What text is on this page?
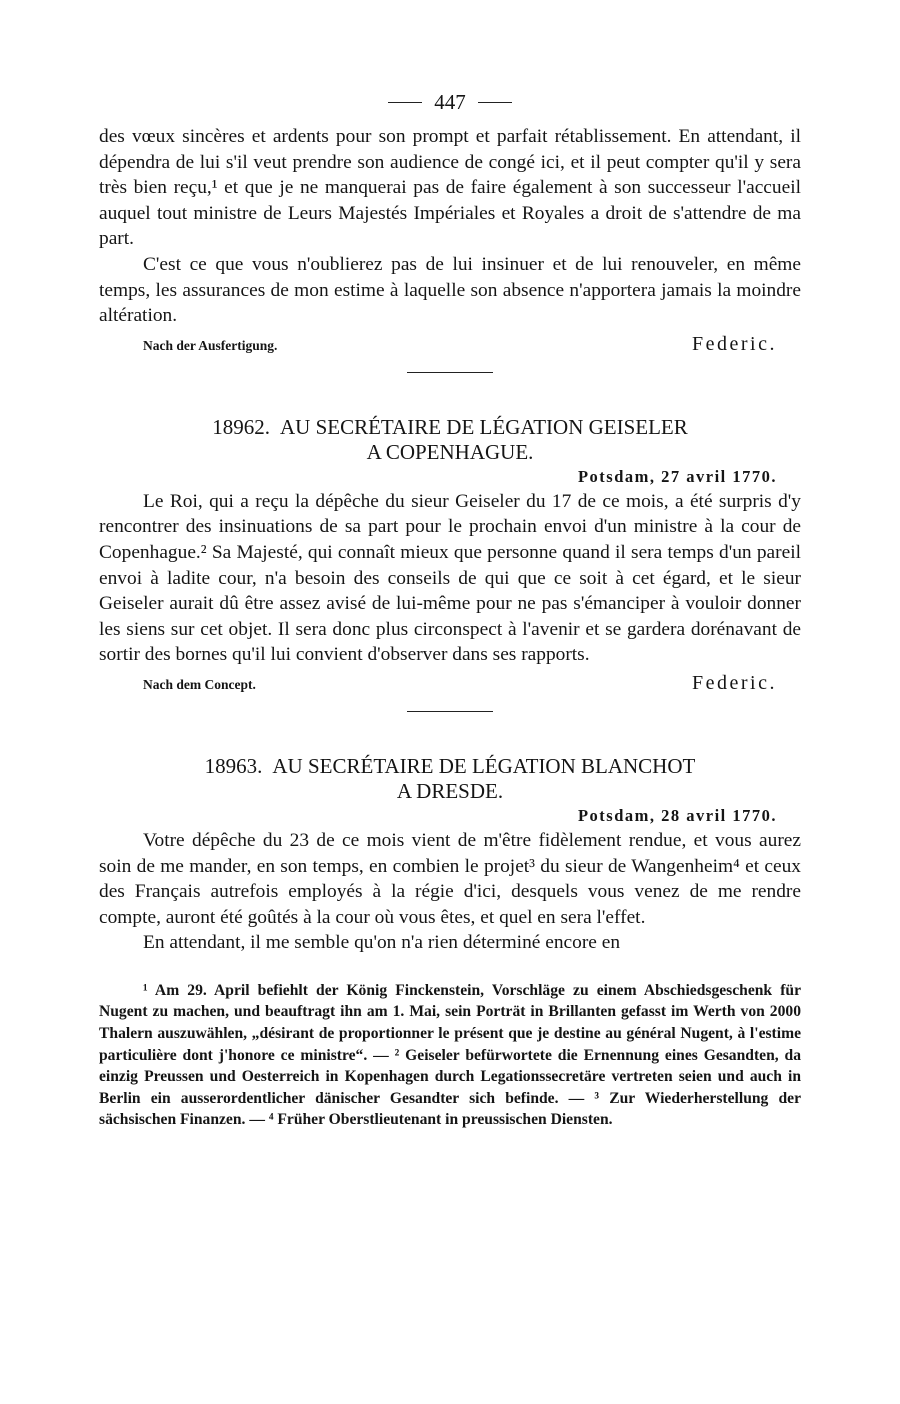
447

des vœux sincères et ardents pour son prompt et parfait rétablissement. En attendant, il dépendra de lui s'il veut prendre son audience de congé ici, et il peut compter qu'il y sera très bien reçu,¹ et que je ne manquerai pas de faire également à son successeur l'accueil auquel tout ministre de Leurs Majestés Impériales et Royales a droit de s'attendre de ma part.

C'est ce que vous n'oublierez pas de lui insinuer et de lui renouveler, en même temps, les assurances de mon estime à laquelle son absence n'apportera jamais la moindre altération.

Nach der Ausfertigung.	Federic.
18962. AU SECRÉTAIRE DE LÉGATION GEISELER
A COPENHAGUE.
Potsdam, 27 avril 1770.

Le Roi, qui a reçu la dépêche du sieur Geiseler du 17 de ce mois, a été surpris d'y rencontrer des insinuations de sa part pour le prochain envoi d'un ministre à la cour de Copenhague.² Sa Majesté, qui connaît mieux que personne quand il sera temps d'un pareil envoi à ladite cour, n'a besoin des conseils de qui que ce soit à cet égard, et le sieur Geiseler aurait dû être assez avisé de lui-même pour ne pas s'émanciper à vouloir donner les siens sur cet objet. Il sera donc plus circonspect à l'avenir et se gardera dorénavant de sortir des bornes qu'il lui convient d'observer dans ses rapports.

Nach dem Concept.	Federic.
18963. AU SECRÉTAIRE DE LÉGATION BLANCHOT
A DRESDE.
Potsdam, 28 avril 1770.

Votre dépêche du 23 de ce mois vient de m'être fidèlement rendue, et vous aurez soin de me mander, en son temps, en combien le projet³ du sieur de Wangenheim⁴ et ceux des Français autrefois employés à la régie d'ici, desquels vous venez de me rendre compte, auront été goûtés à la cour où vous êtes, et quel en sera l'effet.

En attendant, il me semble qu'on n'a rien déterminé encore en

¹ Am 29. April befiehlt der König Finckenstein, Vorschläge zu einem Abschiedsgeschenk für Nugent zu machen, und beauftragt ihn am 1. Mai, sein Porträt in Brillanten gefasst im Werth von 2000 Thalern auszuwählen, „désirant de proportionner le présent que je destine au général Nugent, à l'estime particulière dont j'honore ce ministre“. — ² Geiseler befürwortete die Ernennung eines Gesandten, da einzig Preussen und Oesterreich in Kopenhagen durch Legationssecretäre vertreten seien und auch in Berlin ein ausserordentlicher dänischer Gesandter sich befinde. — ³ Zur Wiederherstellung der sächsischen Finanzen. — ⁴ Früher Oberstlieutenant in preussischen Diensten.
